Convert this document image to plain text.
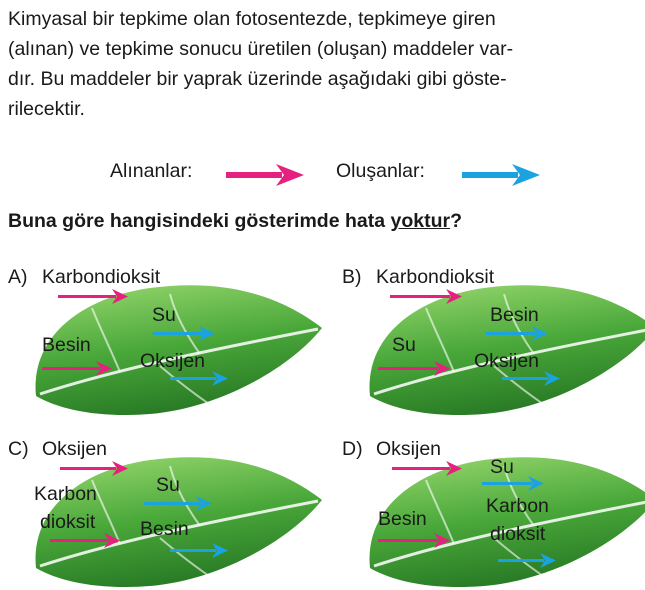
Kimyasal bir tepkime olan fotosentezde, tepkimeye giren
(alınan) ve tepkime sonucu üretilen (oluşan) maddeler var-
dır. Bu maddeler bir yaprak üzerinde aşağıdaki gibi göste-
rilecektir.
Alınanlar:	Oluşanlar:
Buna göre hangisindeki gösterimde hata yoktur?
A) Karbondioksit
Su
Besin
Oksijen
B) Karbondioksit
Besin
Su
Oksijen
C) Oksijen
Su
Karbon
dioksit Besin
D) Oksijen
Su
Besin
Karbon
dioksit
